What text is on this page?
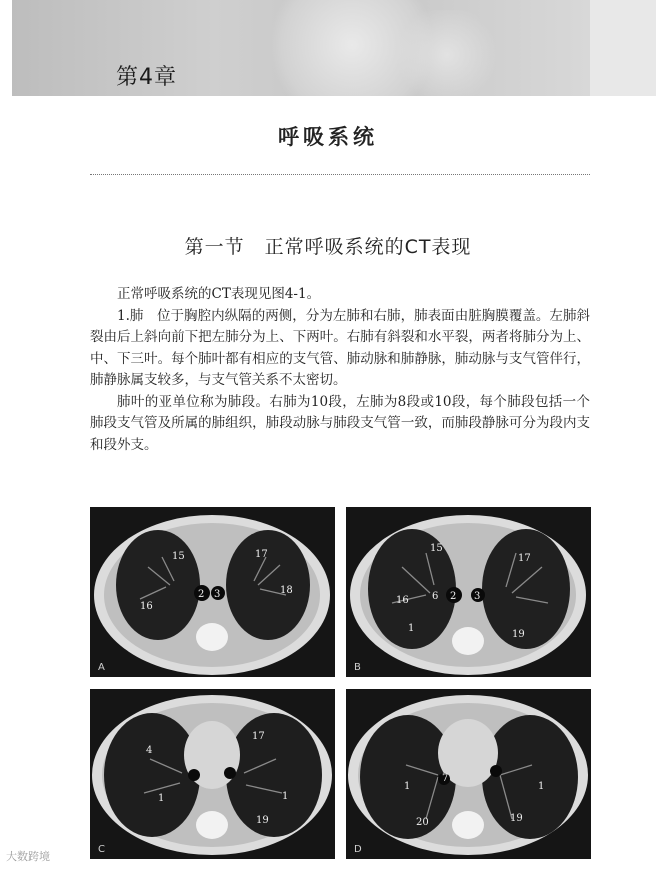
第4章
呼吸系统
第一节　正常呼吸系统的CT表现

正常呼吸系统的CT表现见图4-1。

1.肺　位于胸腔内纵隔的两侧，分为左肺和右肺，肺表面由脏胸膜覆盖。左肺斜裂由后上斜向前下把左肺分为上、下两叶。右肺有斜裂和水平裂，两者将肺分为上、中、下三叶。每个肺叶都有相应的支气管、肺动脉和肺静脉，肺动脉与支气管伴行，肺静脉属支较多，与支气管关系不太密切。

肺叶的亚单位称为肺段。右肺为10段，左肺为8段或10段，每个肺段包括一个肺段支气管及所属的肺组织，肺段动脉与肺段支气管一致，而肺段静脉可分为段内支和段外支。

15	17
2 3
16
18
A
15
17
16 6 2 3
1
19
B
4
17
1	1
19
C
7
1	1
20	19
D
大数跨境
